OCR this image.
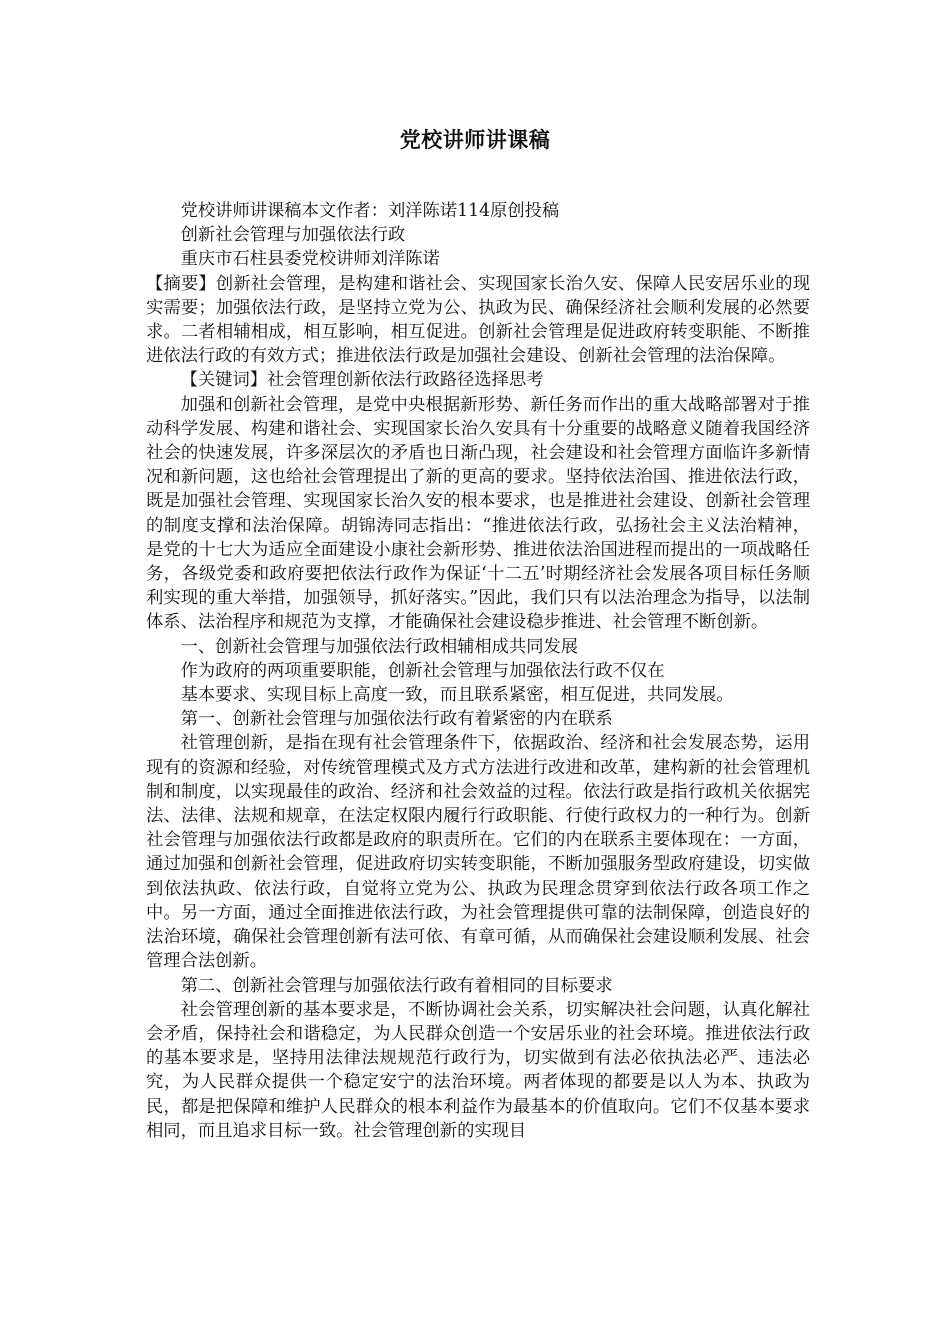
党校讲师讲课稿

党校讲师讲课稿本文作者：刘洋陈诺114原创投稿

创新社会管理与加强依法行政

重庆市石柱县委党校讲师刘洋陈诺

【摘要】创新社会管理，是构建和谐社会、实现国家长治久安、保障人民安居乐业的现实需要；加强依法行政，是坚持立党为公、执政为民、确保经济社会顺利发展的必然要求。二者相辅相成，相互影响，相互促进。创新社会管理是促进政府转变职能、不断推进依法行政的有效方式；推进依法行政是加强社会建设、创新社会管理的法治保障。

【关键词】社会管理创新依法行政路径选择思考

加强和创新社会管理，是党中央根据新形势、新任务而作出的重大战略部署对于推动科学发展、构建和谐社会、实现国家长治久安具有十分重要的战略意义随着我国经济社会的快速发展，许多深层次的矛盾也日渐凸现，社会建设和社会管理方面临许多新情况和新问题，这也给社会管理提出了新的更高的要求。坚持依法治国、推进依法行政，既是加强社会管理、实现国家长治久安的根本要求，也是推进社会建设、创新社会管理的制度支撑和法治保障。胡锦涛同志指出：“推进依法行政，弘扬社会主义法治精神，是党的十七大为适应全面建设小康社会新形势、推进依法治国进程而提出的一项战略任务，各级党委和政府要把依法行政作为保证‘十二五’时期经济社会发展各项目标任务顺利实现的重大举措，加强领导，抓好落实。”因此，我们只有以法治理念为指导，以法制体系、法治程序和规范为支撑，才能确保社会建设稳步推进、社会管理不断创新。

一、创新社会管理与加强依法行政相辅相成共同发展

作为政府的两项重要职能，创新社会管理与加强依法行政不仅在

基本要求、实现目标上高度一致，而且联系紧密，相互促进，共同发展。

第一、创新社会管理与加强依法行政有着紧密的内在联系

社管理创新，是指在现有社会管理条件下，依据政治、经济和社会发展态势，运用现有的资源和经验，对传统管理模式及方式方法进行改进和改革，建构新的社会管理机制和制度，以实现最佳的政治、经济和社会效益的过程。依法行政是指行政机关依据宪法、法律、法规和规章，在法定权限内履行行政职能、行使行政权力的一种行为。创新社会管理与加强依法行政都是政府的职责所在。它们的内在联系主要体现在：一方面，通过加强和创新社会管理，促进政府切实转变职能，不断加强服务型政府建设，切实做到依法执政、依法行政，自觉将立党为公、执政为民理念贯穿到依法行政各项工作之中。另一方面，通过全面推进依法行政，为社会管理提供可靠的法制保障，创造良好的法治环境，确保社会管理创新有法可依、有章可循，从而确保社会建设顺利发展、社会管理合法创新。

第二、创新社会管理与加强依法行政有着相同的目标要求

社会管理创新的基本要求是，不断协调社会关系，切实解决社会问题，认真化解社会矛盾，保持社会和谐稳定，为人民群众创造一个安居乐业的社会环境。推进依法行政的基本要求是，坚持用法律法规规范行政行为，切实做到有法必依执法必严、违法必究，为人民群众提供一个稳定安宁的法治环境。两者体现的都要是以人为本、执政为民，都是把保障和维护人民群众的根本利益作为最基本的价值取向。它们不仅基本要求相同，而且追求目标一致。社会管理创新的实现目
